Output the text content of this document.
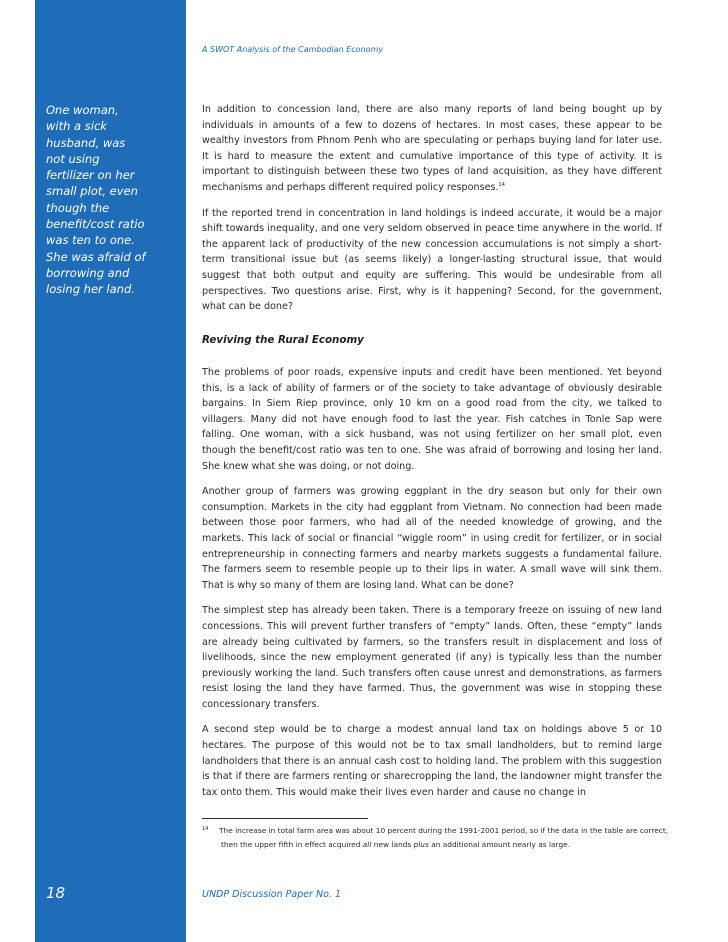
One woman,
with a sick
husband, was
not using
fertilizer on her
small plot, even
though the
benefit/cost ratio
was ten to one.
She was afraid of
borrowing and
losing her land.
18
A SWOT Analysis of the Cambodian Economy

In addition to concession land, there are also many reports of land being bought up by individuals in amounts of a few to dozens of hectares. In most cases, these appear to be wealthy investors from Phnom Penh who are speculating or perhaps buying land for later use. It is hard to measure the extent and cumulative importance of this type of activity. It is important to distinguish between these two types of land acquisition, as they have different mechanisms and perhaps different required policy responses.$^{14}$

If the reported trend in concentration in land holdings is indeed accurate, it would be a major shift towards inequality, and one very seldom observed in peace time anywhere in the world. If the apparent lack of productivity of the new concession accumulations is not simply a short-term transitional issue but (as seems likely) a longer-lasting structural issue, that would suggest that both output and equity are suffering. This would be undesirable from all perspectives. Two questions arise. First, why is it happening? Second, for the government, what can be done?

Reviving the Rural Economy

The problems of poor roads, expensive inputs and credit have been mentioned. Yet beyond this, is a lack of ability of farmers or of the society to take advantage of obviously desirable bargains. In Siem Riep province, only 10 km on a good road from the city, we talked to villagers. Many did not have enough food to last the year. Fish catches in Tonle Sap were falling. One woman, with a sick husband, was not using fertilizer on her small plot, even though the benefit/cost ratio was ten to one. She was afraid of borrowing and losing her land. She knew what she was doing, or not doing.

Another group of farmers was growing eggplant in the dry season but only for their own consumption. Markets in the city had eggplant from Vietnam. No connection had been made between those poor farmers, who had all of the needed knowledge of growing, and the markets. This lack of social or financial “wiggle room” in using credit for fertilizer, or in social entrepreneurship in connecting farmers and nearby markets suggests a fundamental failure. The farmers seem to resemble people up to their lips in water. A small wave will sink them. That is why so many of them are losing land. What can be done?

The simplest step has already been taken. There is a temporary freeze on issuing of new land concessions. This will prevent further transfers of “empty” lands. Often, these “empty” lands are already being cultivated by farmers, so the transfers result in displacement and loss of livelihoods, since the new employment generated (if any) is typically less than the number previously working the land. Such transfers often cause unrest and demonstrations, as farmers resist losing the land they have farmed. Thus, the government was wise in stopping these concessionary transfers.

A second step would be to charge a modest annual land tax on holdings above 5 or 10 hectares. The purpose of this would not be to tax small landholders, but to remind large landholders that there is an annual cash cost to holding land. The problem with this suggestion is that if there are farmers renting or sharecropping the land, the landowner might transfer the tax onto them. This would make their lives even harder and cause no change in

14	The increase in total farm area was about 10 percent during the 1991-2001 period, so if the data in the table are correct,
then the upper fifth in effect acquired all new lands plus an additional amount nearly as large.
UNDP Discussion Paper No. 1
